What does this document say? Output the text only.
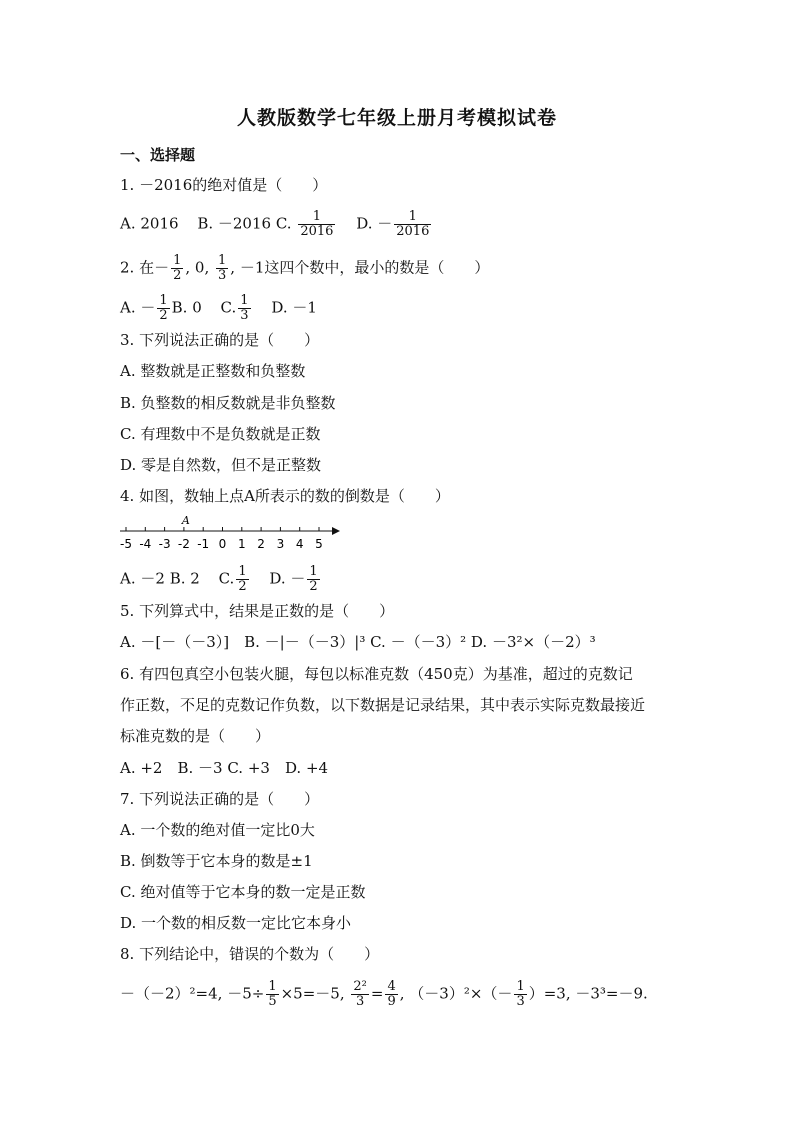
人教版数学七年级上册月考模拟试卷
一、选择题
1. －2016的绝对值是（　　）
A. 2016 B. －2016 C. $\frac{1}{2016} D$. － $\frac{1}{2016}$
2. 在－ $\frac{1}{2}$ , 0, $\frac{1}{3}$ , －1这四个数中，最小的数是（　　）
A. － $\frac{1}{2} B$. 0 C. $\frac{1}{3} D$. －1
3. 下列说法正确的是（　　）
A. 整数就是正整数和负整数
B. 负整数的相反数就是非负整数
C. 有理数中不是负数就是正数
D. 零是自然数，但不是正整数
4. 如图，数轴上点A所表示的数的倒数是（　　）
-5 -4 -3 -2 -1 0 1 2 3 4 5
A
A. －2 B. 2 C. $\frac{1}{2} D$. － $\frac{1}{2}$
5. 下列算式中，结果是正数的是（　　）
A. －[－（－3）]　B. －|－（－3）|³ C. －（－3）² D. －3²×（－2）³
6. 有四包真空小包装火腿，每包以标准克数（450克）为基准，超过的克数记
作正数，不足的克数记作负数，以下数据是记录结果，其中表示实际克数最接近
标准克数的是（　　）
A. +2　B. －3 C. +3　D. +4
7. 下列说法正确的是（　　）
A. 一个数的绝对值一定比0大
B. 倒数等于它本身的数是±1
C. 绝对值等于它本身的数一定是正数
D. 一个数的相反数一定比它本身小
8. 下列结论中，错误的个数为（　　）
－（－2）²=4, $-5\div \frac{1}{5} \times 5=-5$, $\frac{\text{2²}}{3} = \frac{4}{9}$ , $(-3)^2\times(- \frac{1}{3} )=3$, －3³=－9.
